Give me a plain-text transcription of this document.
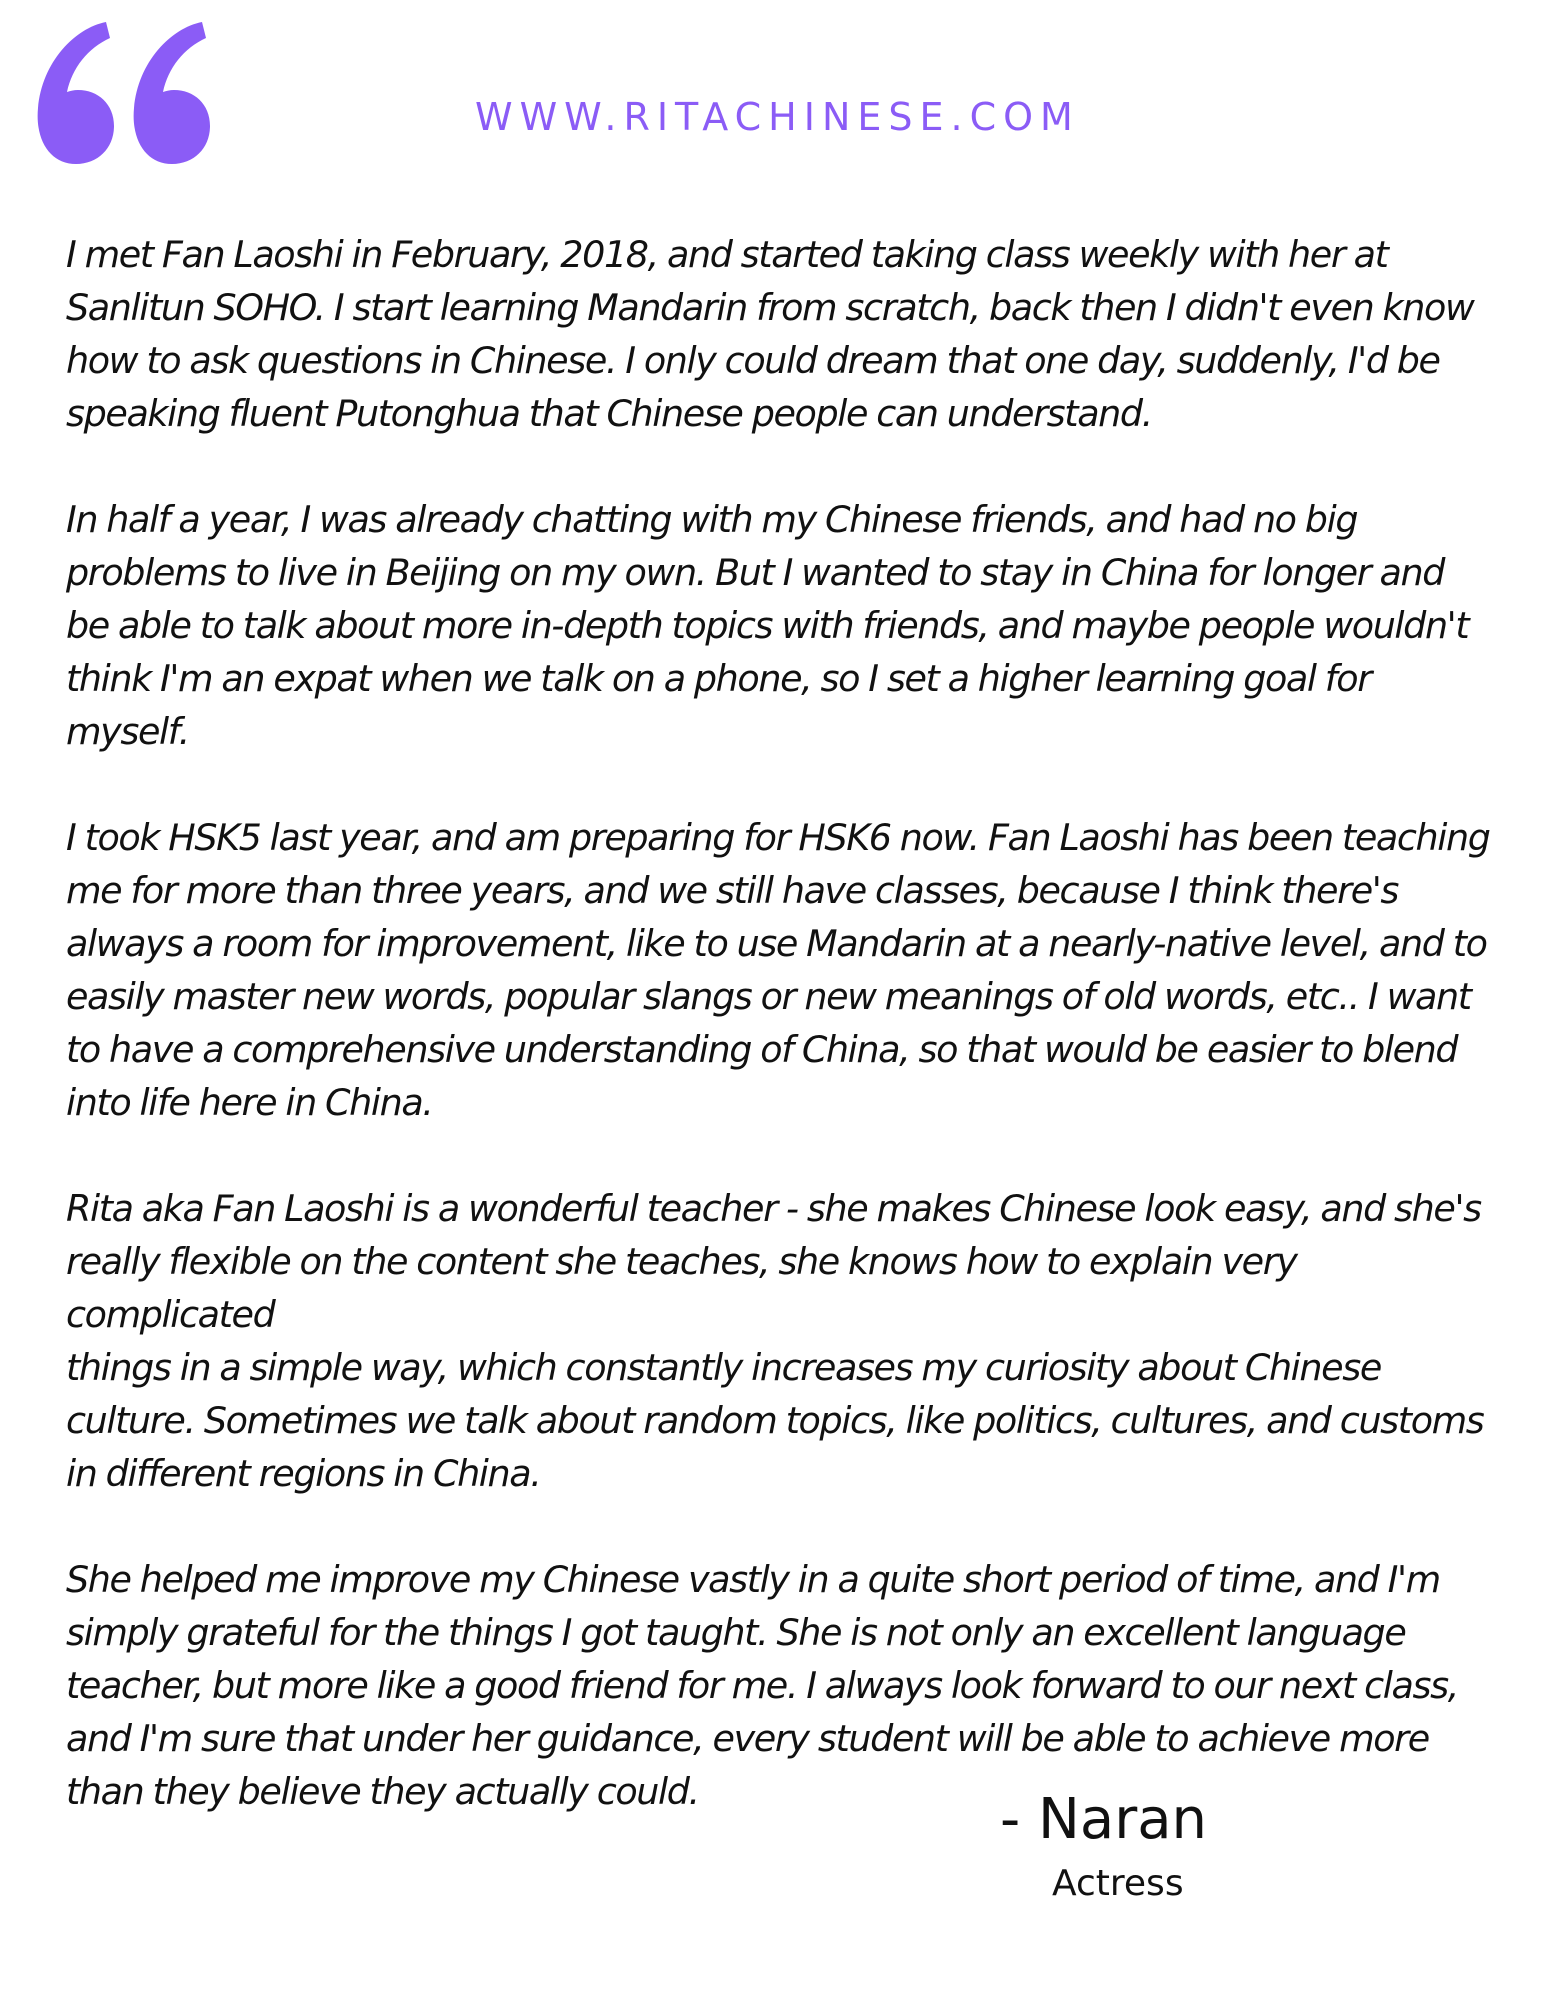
WWW.RITACHINESE.COM

I met Fan Laoshi in February, 2018, and started taking class weekly with her at
Sanlitun SOHO. I start learning Mandarin from scratch, back then I didn't even know
how to ask questions in Chinese. I only could dream that one day, suddenly, I'd be
speaking fluent Putonghua that Chinese people can understand.

In half a year, I was already chatting with my Chinese friends, and had no big
problems to live in Beijing on my own. But I wanted to stay in China for longer and
be able to talk about more in-depth topics with friends, and maybe people wouldn't
think I'm an expat when we talk on a phone, so I set a higher learning goal for
myself.

I took HSK5 last year, and am preparing for HSK6 now. Fan Laoshi has been teaching
me for more than three years, and we still have classes, because I think there's
always a room for improvement, like to use Mandarin at a nearly-native level, and to
easily master new words, popular slangs or new meanings of old words, etc.. I want
to have a comprehensive understanding of China, so that would be easier to blend
into life here in China.

Rita aka Fan Laoshi is a wonderful teacher - she makes Chinese look easy, and she's
really flexible on the content she teaches, she knows how to explain very complicated
things in a simple way, which constantly increases my curiosity about Chinese
culture. Sometimes we talk about random topics, like politics, cultures, and customs
in different regions in China.

She helped me improve my Chinese vastly in a quite short period of time, and I'm
simply grateful for the things I got taught. She is not only an excellent language
teacher, but more like a good friend for me. I always look forward to our next class,
and I'm sure that under her guidance, every student will be able to achieve more
than they believe they actually could.	- Naran
Actress
